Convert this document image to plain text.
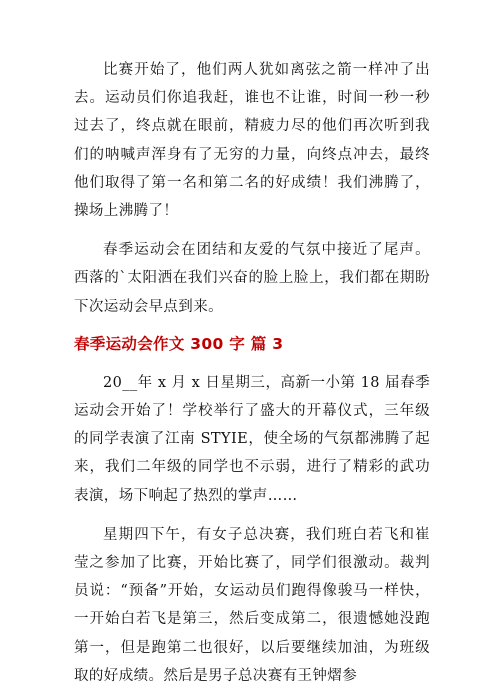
比赛开始了，他们两人犹如离弦之箭一样冲了出去。运动员们你追我赶，谁也不让谁，时间一秒一秒过去了，终点就在眼前，精疲力尽的他们再次听到我们的呐喊声浑身有了无穷的力量，向终点冲去，最终他们取得了第一名和第二名的好成绩！我们沸腾了，操场上沸腾了！

春季运动会在团结和友爱的气氛中接近了尾声。西落的`太阳洒在我们兴奋的脸上脸上，我们都在期盼下次运动会早点到来。

春季运动会作文 300 字 篇 3

20__年 x 月 x 日星期三，高新一小第 18 届春季运动会开始了！学校举行了盛大的开幕仪式，三年级的同学表演了江南 STYIE，使全场的气氛都沸腾了起来，我们二年级的同学也不示弱，进行了精彩的武功表演，场下响起了热烈的掌声……

星期四下午，有女子总决赛，我们班白若飞和崔莹之参加了比赛，开始比赛了，同学们很激动。裁判员说：“预备”开始，女运动员们跑得像骏马一样快，一开始白若飞是第三，然后变成第二，很遗憾她没跑第一，但是跑第二也很好，以后要继续加油，为班级取的好成绩。然后是男子总决赛有王钟熠参
